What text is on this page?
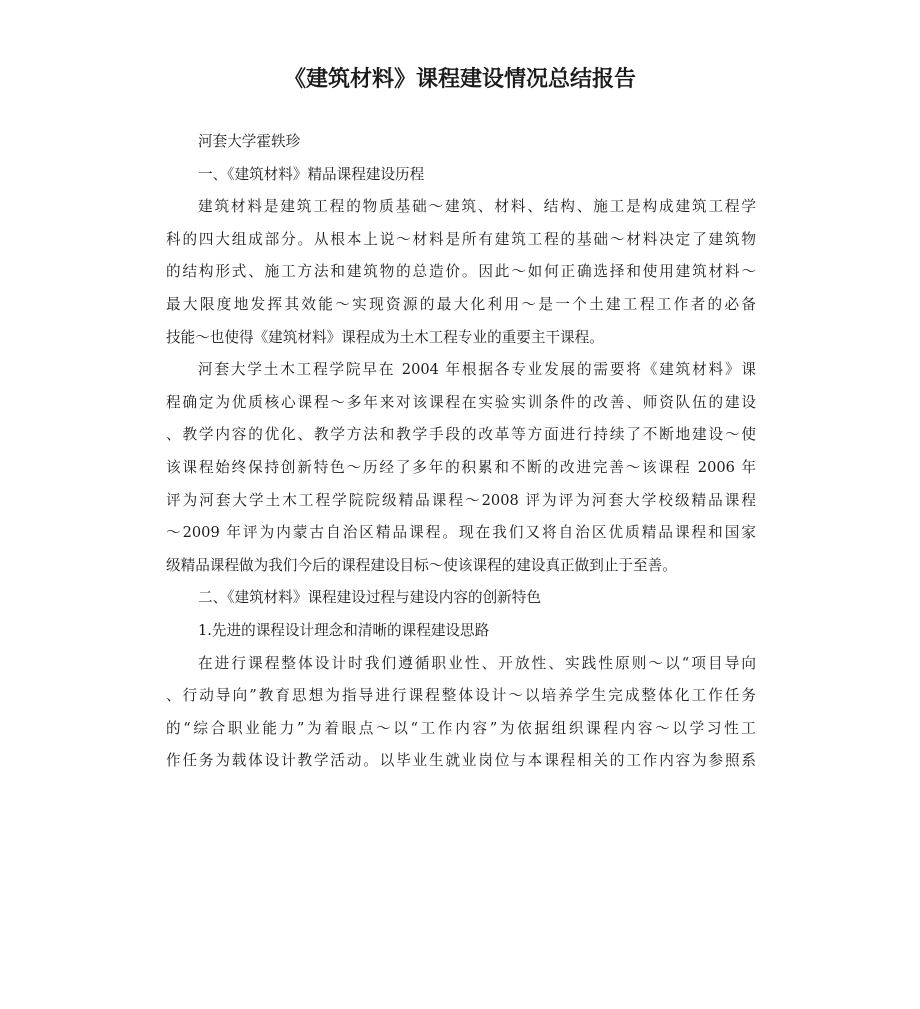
《建筑材料》课程建设情况总结报告
河套大学霍轶珍
一、《建筑材料》精品课程建设历程
建筑材料是建筑工程的物质基础～建筑、材料、结构、施工是构成建筑工程学
科的四大组成部分。从根本上说～材料是所有建筑工程的基础～材料决定了建筑物
的结构形式、施工方法和建筑物的总造价。因此～如何正确选择和使用建筑材料～
最大限度地发挥其效能～实现资源的最大化利用～是一个土建工程工作者的必备
技能～也使得《建筑材料》课程成为土木工程专业的重要主干课程。
河套大学土木工程学院早在 2004 年根据各专业发展的需要将《建筑材料》课
程确定为优质核心课程～多年来对该课程在实验实训条件的改善、师资队伍的建设
、教学内容的优化、教学方法和教学手段的改革等方面进行持续了不断地建设～使
该课程始终保持创新特色～历经了多年的积累和不断的改进完善～该课程 2006 年
评为河套大学土木工程学院院级精品课程～2008 评为评为河套大学校级精品课程
～2009 年评为内蒙古自治区精品课程。现在我们又将自治区优质精品课程和国家
级精品课程做为我们今后的课程建设目标～使该课程的建设真正做到止于至善。
二、《建筑材料》课程建设过程与建设内容的创新特色
1.先进的课程设计理念和清晰的课程建设思路
在进行课程整体设计时我们遵循职业性、开放性、实践性原则～以“项目导向
、行动导向”教育思想为指导进行课程整体设计～以培养学生完成整体化工作任务
的“综合职业能力”为着眼点～以“工作内容”为依据组织课程内容～以学习性工
作任务为载体设计教学活动。以毕业生就业岗位与本课程相关的工作内容为参照系
